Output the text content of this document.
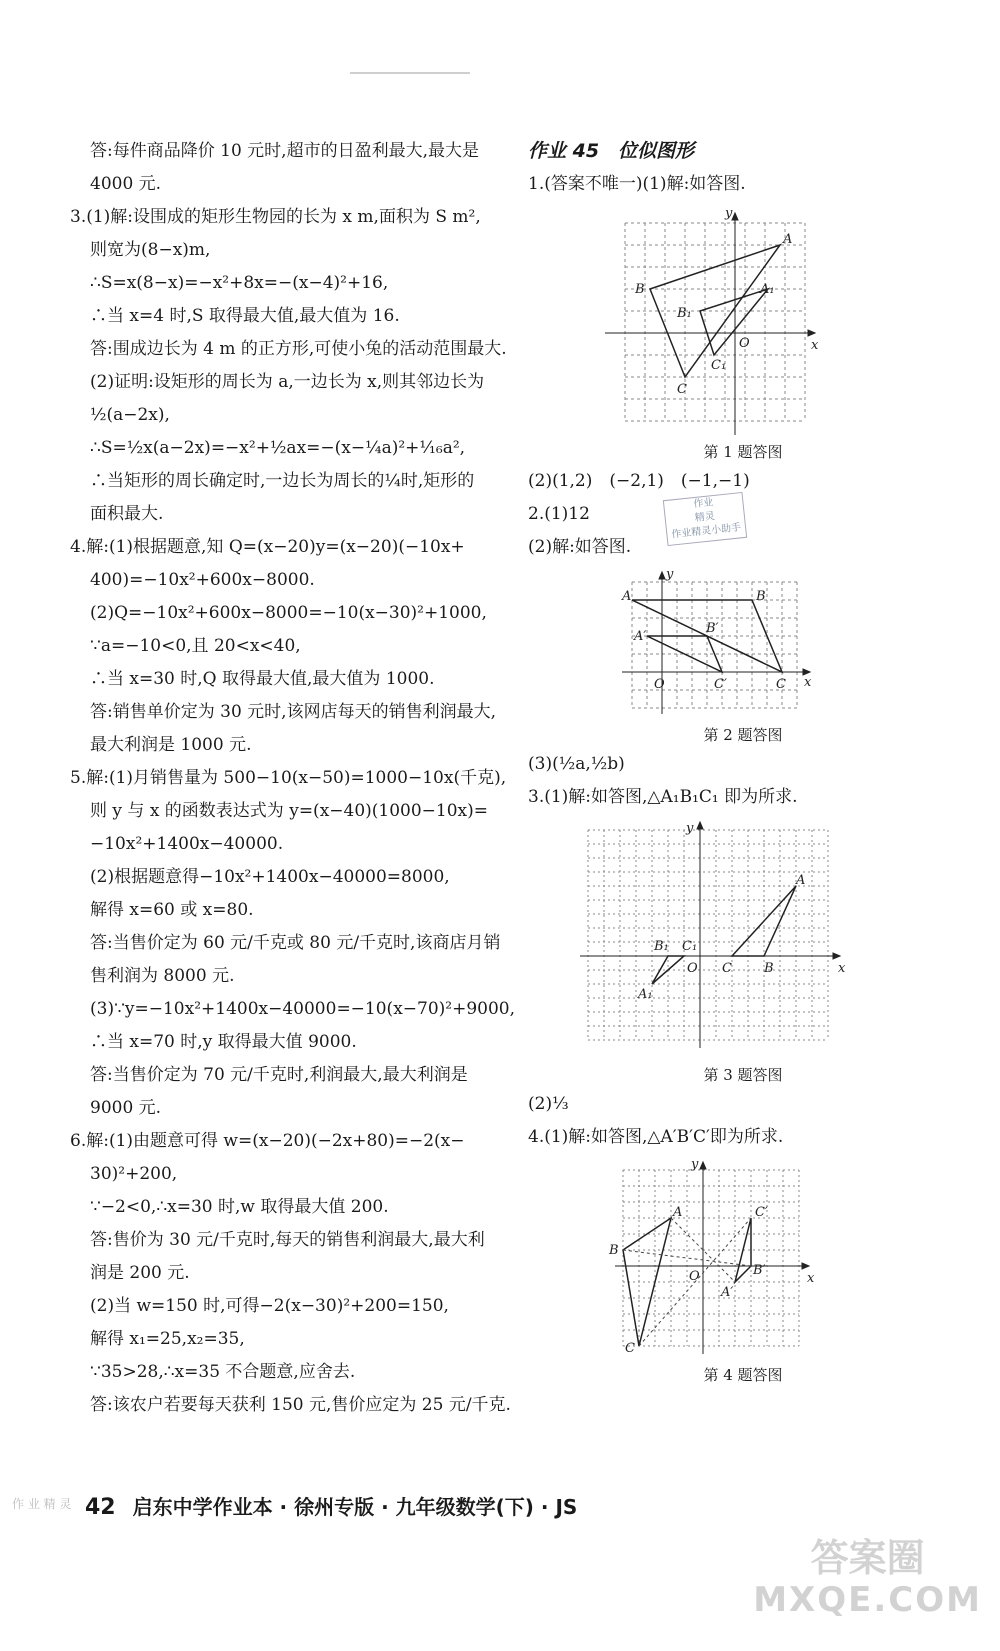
答:每件商品降价 10 元时,超市的日盈利最大,最大是
4000 元.
3.(1)解:设围成的矩形生物园的长为 x m,面积为 S m²,
则宽为(8−x)m,
∴S=x(8−x)=−x²+8x=−(x−4)²+16,
∴当 x=4 时,S 取得最大值,最大值为 16.
答:围成边长为 4 m 的正方形,可使小兔的活动范围最大.
(2)证明:设矩形的周长为 a,一边长为 x,则其邻边长为
½(a−2x),
∴S=½x(a−2x)=−x²+½ax=−(x−¼a)²+¹⁄₁₆a²,
∴当矩形的周长确定时,一边长为周长的¼时,矩形的
面积最大.
4.解:(1)根据题意,知 Q=(x−20)y=(x−20)(−10x+
400)=−10x²+600x−8000.
(2)Q=−10x²+600x−8000=−10(x−30)²+1000,
∵a=−10<0,且 20<x<40,
∴当 x=30 时,Q 取得最大值,最大值为 1000.
答:销售单价定为 30 元时,该网店每天的销售利润最大,
最大利润是 1000 元.
5.解:(1)月销售量为 500−10(x−50)=1000−10x(千克),
则 y 与 x 的函数表达式为 y=(x−40)(1000−10x)=
−10x²+1400x−40000.
(2)根据题意得−10x²+1400x−40000=8000,
解得 x=60 或 x=80.
答:当售价定为 60 元/千克或 80 元/千克时,该商店月销
售利润为 8000 元.
(3)∵y=−10x²+1400x−40000=−10(x−70)²+9000,
∴当 x=70 时,y 取得最大值 9000.
答:当售价定为 70 元/千克时,利润最大,最大利润是
9000 元.
6.解:(1)由题意可得 w=(x−20)(−2x+80)=−2(x−
30)²+200,
∵−2<0,∴x=30 时,w 取得最大值 200.
答:售价为 30 元/千克时,每天的销售利润最大,最大利
润是 200 元.
(2)当 w=150 时,可得−2(x−30)²+200=150,
解得 x₁=25,x₂=35,
∵35>28,∴x=35 不合题意,应舍去.
答:该农户若要每天获利 150 元,售价应定为 25 元/千克.
作业 45　位似图形
1.(答案不唯一)(1)解:如答图.
y
x
O
A
B
C
A₁
B₁
C₁
第 1 题答图
(2)(1,2)　(−2,1)　(−1,−1)
2.(1)12
(2)解:如答图.
y
x
O
A	B
C
A′
B′
C′
第 2 题答图
(3)(½a,½b)
3.(1)解:如答图,△A₁B₁C₁ 即为所求.
y
x
O
A
B
C
A₁
B₁ C₁
第 3 题答图
(2)⅓
4.(1)解:如答图,△A′B′C′即为所求.
y
x
O
A
B
C
A′
B′
C′
第 4 题答图
作业
精灵
作业精灵小助手
作 业 精 灵 42 启东中学作业本 · 徐州专版 · 九年级数学(下) · JS
答案圈
MXQE.COM
